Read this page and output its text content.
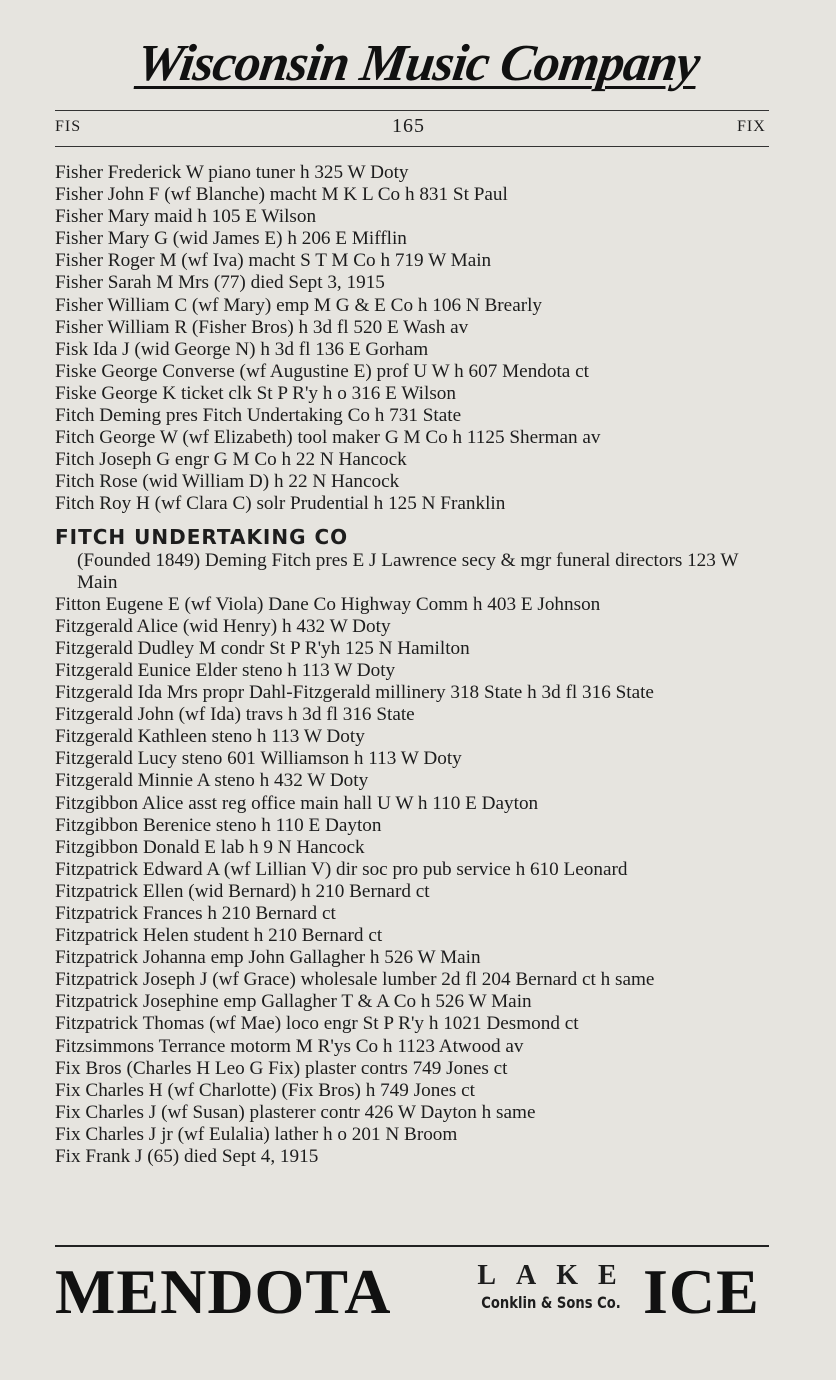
Wisconsin Music Company
FIS	165	FIX
Fisher Frederick W piano tuner h 325 W Doty
Fisher John F (wf Blanche) macht M K L Co h 831 St Paul
Fisher Mary maid h 105 E Wilson
Fisher Mary G (wid James E) h 206 E Mifflin
Fisher Roger M (wf Iva) macht S T M Co h 719 W Main
Fisher Sarah M Mrs (77) died Sept 3, 1915
Fisher William C (wf Mary) emp M G & E Co h 106 N Brearly
Fisher William R (Fisher Bros) h 3d fl 520 E Wash av
Fisk Ida J (wid George N) h 3d fl 136 E Gorham
Fiske George Converse (wf Augustine E) prof U W h 607 Mendota ct
Fiske George K ticket clk St P R'y h o 316 E Wilson
Fitch Deming pres Fitch Undertaking Co h 731 State
Fitch George W (wf Elizabeth) tool maker G M Co h 1125 Sherman av
Fitch Joseph G engr G M Co h 22 N Hancock
Fitch Rose (wid William D) h 22 N Hancock
Fitch Roy H (wf Clara C) solr Prudential h 125 N Franklin
FITCH UNDERTAKING CO
(Founded 1849) Deming Fitch pres E J Lawrence secy & mgr funeral directors 123 W Main
Fitton Eugene E (wf Viola) Dane Co Highway Comm h 403 E Johnson
Fitzgerald Alice (wid Henry) h 432 W Doty
Fitzgerald Dudley M condr St P R'yh 125 N Hamilton
Fitzgerald Eunice Elder steno h 113 W Doty
Fitzgerald Ida Mrs propr Dahl-Fitzgerald millinery 318 State h 3d fl 316 State
Fitzgerald John (wf Ida) travs h 3d fl 316 State
Fitzgerald Kathleen steno h 113 W Doty
Fitzgerald Lucy steno 601 Williamson h 113 W Doty
Fitzgerald Minnie A steno h 432 W Doty
Fitzgibbon Alice asst reg office main hall U W h 110 E Dayton
Fitzgibbon Berenice steno h 110 E Dayton
Fitzgibbon Donald E lab h 9 N Hancock
Fitzpatrick Edward A (wf Lillian V) dir soc pro pub service h 610 Leonard
Fitzpatrick Ellen (wid Bernard) h 210 Bernard ct
Fitzpatrick Frances h 210 Bernard ct
Fitzpatrick Helen student h 210 Bernard ct
Fitzpatrick Johanna emp John Gallagher h 526 W Main
Fitzpatrick Joseph J (wf Grace) wholesale lumber 2d fl 204 Bernard ct h same
Fitzpatrick Josephine emp Gallagher T & A Co h 526 W Main
Fitzpatrick Thomas (wf Mae) loco engr St P R'y h 1021 Desmond ct
Fitzsimmons Terrance motorm M R'ys Co h 1123 Atwood av
Fix Bros (Charles H Leo G Fix) plaster contrs 749 Jones ct
Fix Charles H (wf Charlotte) (Fix Bros) h 749 Jones ct
Fix Charles J (wf Susan) plasterer contr 426 W Dayton h same
Fix Charles J jr (wf Eulalia) lather h o 201 N Broom
Fix Frank J (65) died Sept 4, 1915
MENDOTA	LAKE
Conklin & Sons Co. ICE
